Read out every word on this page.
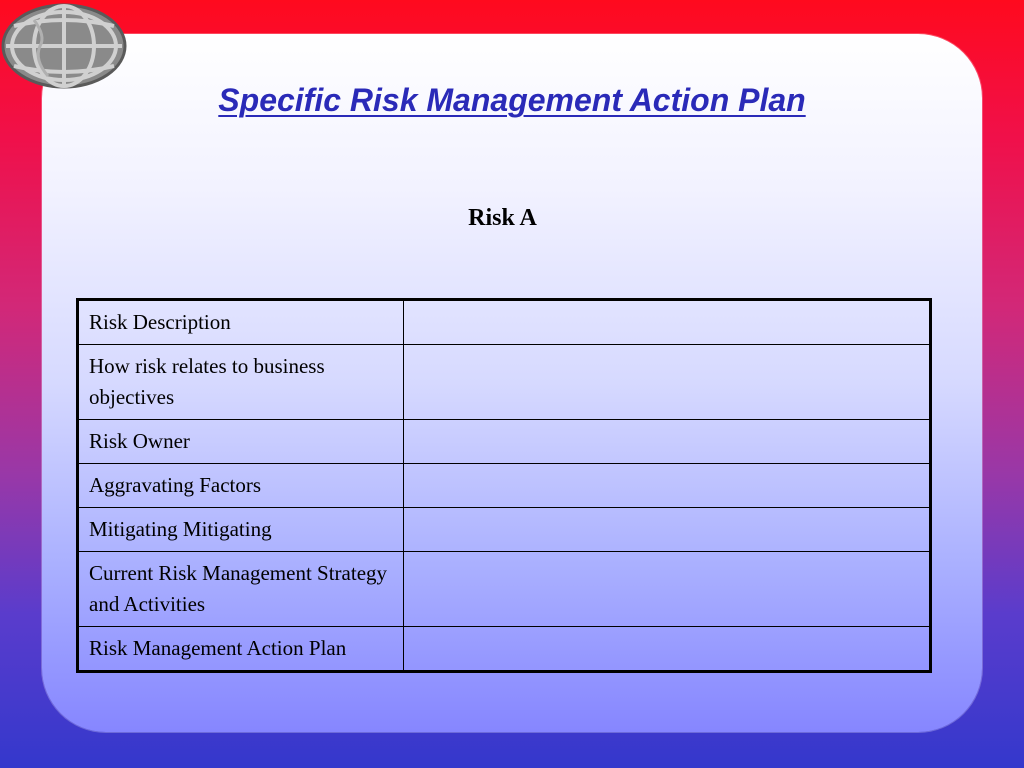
Specific Risk Management Action Plan
Risk A
Risk Description	
How risk relates to business objectives	
Risk Owner	
Aggravating Factors	
Mitigating Mitigating	
Current Risk Management Strategy and Activities	
Risk Management Action Plan	
